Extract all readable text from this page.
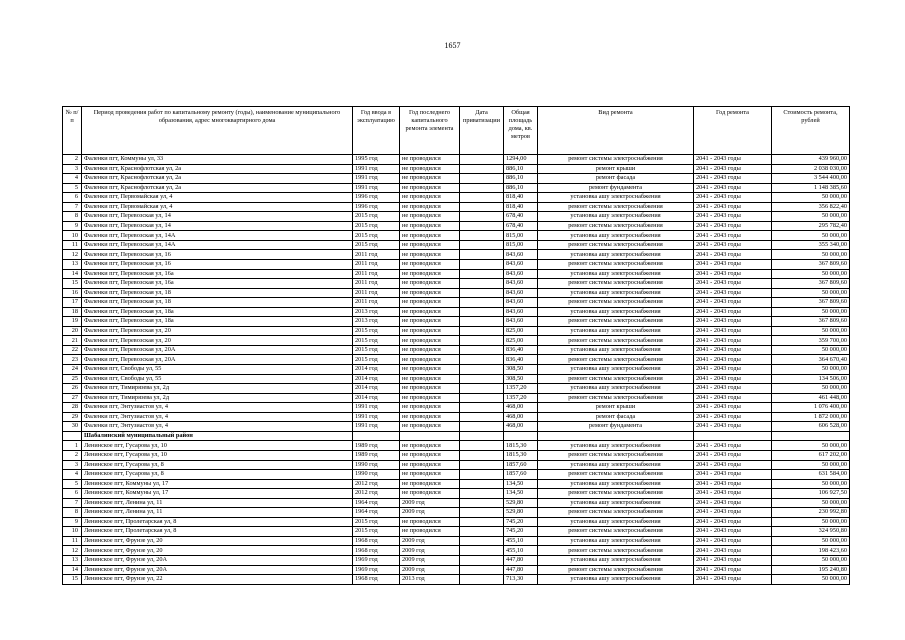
1657
№ п/п	Период проведения работ по капитальному ремонту (годы), наименование муниципального образования, адрес многоквартирного дома	Год ввода в эксплуатацию	Год последнего капитального ремонта элемента	Дата приватизации	Общая площадь дома, кв. метров	Вид ремонта	Год ремонта	Стоимость ремонта, рублей
2	Фаленки пгт, Коммуны ул, 33	1995 год	не проводился		1294,00	ремонт системы электроснабжения	2041 - 2043 годы	439 960,00
3	Фаленки пгт, Краснофлотская ул, 2а	1991 год	не проводился		886,10	ремонт крыши	2041 - 2043 годы	2 038 030,00
4	Фаленки пгт, Краснофлотская ул, 2а	1991 год	не проводился		886,10	ремонт фасада	2041 - 2043 годы	3 544 400,00
5	Фаленки пгт, Краснофлотская ул, 2а	1991 год	не проводился		886,10	ремонт фундамента	2041 - 2043 годы	1 148 385,60
6	Фаленки пгт, Первомайская ул, 4	1996 год	не проводился		818,40	установка ашу электроснабжения	2041 - 2043 годы	50 000,00
7	Фаленки пгт, Первомайская ул, 4	1996 год	не проводился		818,40	ремонт системы электроснабжения	2041 - 2043 годы	356 822,40
8	Фаленки пгт, Перевозская ул, 14	2015 год	не проводился		678,40	установка ашу электроснабжения	2041 - 2043 годы	50 000,00
9	Фаленки пгт, Перевозская ул, 14	2015 год	не проводился		678,40	ремонт системы электроснабжения	2041 - 2043 годы	295 782,40
10	Фаленки пгт, Перевозская ул, 14А	2015 год	не проводился		815,00	установка ашу электроснабжения	2041 - 2043 годы	50 000,00
11	Фаленки пгт, Перевозская ул, 14А	2015 год	не проводился		815,00	ремонт системы электроснабжения	2041 - 2043 годы	355 340,00
12	Фаленки пгт, Перевозская ул, 16	2011 год	не проводился		843,60	установка ашу электроснабжения	2041 - 2043 годы	50 000,00
13	Фаленки пгт, Перевозская ул, 16	2011 год	не проводился		843,60	ремонт системы электроснабжения	2041 - 2043 годы	367 809,60
14	Фаленки пгт, Перевозская ул, 16а	2011 год	не проводился		843,60	установка ашу электроснабжения	2041 - 2043 годы	50 000,00
15	Фаленки пгт, Перевозская ул, 16а	2011 год	не проводился		843,60	ремонт системы электроснабжения	2041 - 2043 годы	367 809,60
16	Фаленки пгт, Перевозская ул, 18	2011 год	не проводился		843,60	установка ашу электроснабжения	2041 - 2043 годы	50 000,00
17	Фаленки пгт, Перевозская ул, 18	2011 год	не проводился		843,60	ремонт системы электроснабжения	2041 - 2043 годы	367 809,60
18	Фаленки пгт, Перевозская ул, 18а	2013 год	не проводился		843,60	установка ашу электроснабжения	2041 - 2043 годы	50 000,00
19	Фаленки пгт, Перевозская ул, 18а	2013 год	не проводился		843,60	ремонт системы электроснабжения	2041 - 2043 годы	367 809,60
20	Фаленки пгт, Перевозская ул, 20	2015 год	не проводился		825,00	установка ашу электроснабжения	2041 - 2043 годы	50 000,00
21	Фаленки пгт, Перевозская ул, 20	2015 год	не проводился		825,00	ремонт системы электроснабжения	2041 - 2043 годы	359 700,00
22	Фаленки пгт, Перевозская ул, 20А	2015 год	не проводился		836,40	установка ашу электроснабжения	2041 - 2043 годы	50 000,00
23	Фаленки пгт, Перевозская ул, 20А	2015 год	не проводился		836,40	ремонт системы электроснабжения	2041 - 2043 годы	364 670,40
24	Фаленки пгт, Свободы ул, 55	2014 год	не проводился		308,50	установка ашу электроснабжения	2041 - 2043 годы	50 000,00
25	Фаленки пгт, Свободы ул, 55	2014 год	не проводился		308,50	ремонт системы электроснабжения	2041 - 2043 годы	134 506,00
26	Фаленки пгт, Тимирязева ул, 2д	2014 год	не проводился		1357,20	установка ашу электроснабжения	2041 - 2043 годы	50 000,00
27	Фаленки пгт, Тимирязева ул, 2д	2014 год	не проводился		1357,20	ремонт системы электроснабжения	2041 - 2043 годы	461 448,00
28	Фаленки пгт, Энтузиастов ул, 4	1991 год	не проводился		468,00	ремонт крыши	2041 - 2043 годы	1 076 400,00
29	Фаленки пгт, Энтузиастов ул, 4	1991 год	не проводился		468,00	ремонт фасада	2041 - 2043 годы	1 872 000,00
30	Фаленки пгт, Энтузиастов ул, 4	1991 год	не проводился		468,00	ремонт фундамента	2041 - 2043 годы	606 528,00
	Шабалинский муниципальный район							
1	Ленинское пгт, Гусарова ул, 10	1989 год	не проводился		1815,30	установка ашу электроснабжения	2041 - 2043 годы	50 000,00
2	Ленинское пгт, Гусарова ул, 10	1989 год	не проводился		1815,30	ремонт системы электроснабжения	2041 - 2043 годы	617 202,00
3	Ленинское пгт, Гусарова ул, 8	1990 год	не проводился		1857,60	установка ашу электроснабжения	2041 - 2043 годы	50 000,00
4	Ленинское пгт, Гусарова ул, 8	1990 год	не проводился		1857,60	ремонт системы электроснабжения	2041 - 2043 годы	631 584,00
5	Ленинское пгт, Коммуны ул, 17	2012 год	не проводился		134,50	установка ашу электроснабжения	2041 - 2043 годы	50 000,00
6	Ленинское пгт, Коммуны ул, 17	2012 год	не проводился		134,50	ремонт системы электроснабжения	2041 - 2043 годы	106 927,50
7	Ленинское пгт, Ленина ул, 11	1964 год	2009 год		529,80	установка ашу электроснабжения	2041 - 2043 годы	50 000,00
8	Ленинское пгт, Ленина ул, 11	1964 год	2009 год		529,80	ремонт системы электроснабжения	2041 - 2043 годы	230 992,80
9	Ленинское пгт, Пролетарская ул, 8	2015 год	не проводился		745,20	установка ашу электроснабжения	2041 - 2043 годы	50 000,00
10	Ленинское пгт, Пролетарская ул, 8	2015 год	не проводился		745,20	ремонт системы электроснабжения	2041 - 2043 годы	324 950,80
11	Ленинское пгт, Фрунзе ул, 20	1968 год	2009 год		455,10	установка ашу электроснабжения	2041 - 2043 годы	50 000,00
12	Ленинское пгт, Фрунзе ул, 20	1968 год	2009 год		455,10	ремонт системы электроснабжения	2041 - 2043 годы	198 423,60
13	Ленинское пгт, Фрунзе ул, 20А	1969 год	2009 год		447,80	установка ашу электроснабжения	2041 - 2043 годы	50 000,00
14	Ленинское пгт, Фрунзе ул, 20А	1969 год	2009 год		447,80	ремонт системы электроснабжения	2041 - 2043 годы	195 240,80
15	Ленинское пгт, Фрунзе ул, 22	1968 год	2013 год		713,30	установка ашу электроснабжения	2041 - 2043 годы	50 000,00
